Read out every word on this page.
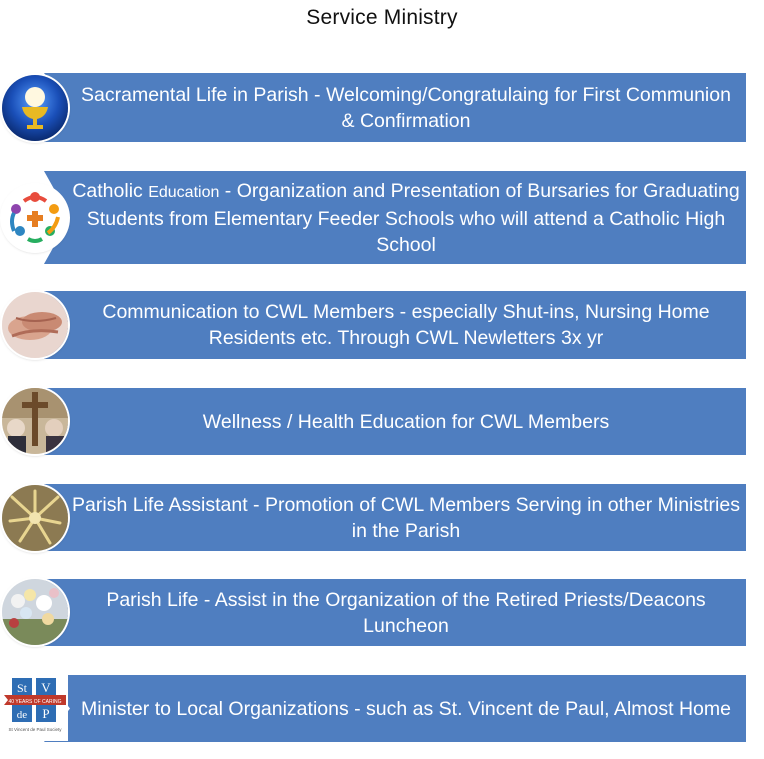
Service Ministry
Sacramental Life in Parish - Welcoming/Congratulaing for First Communion & Confirmation
Catholic Education - Organization and Presentation of Bursaries for Graduating Students from Elementary Feeder Schools who will attend a Catholic High School
Communication to CWL Members - especially Shut-ins, Nursing Home Residents etc. Through CWL Newletters 3x yr
Wellness / Health Education for CWL Members
Parish Life Assistant - Promotion of CWL Members Serving in other Ministries in the Parish
Parish Life - Assist in the Organization of the Retired Priests/Deacons Luncheon
Minister to Local Organizations - such as St. Vincent de Paul, Almost Home
St V
de P
40 YEARS OF CARING
St Vincent de Paul Society
